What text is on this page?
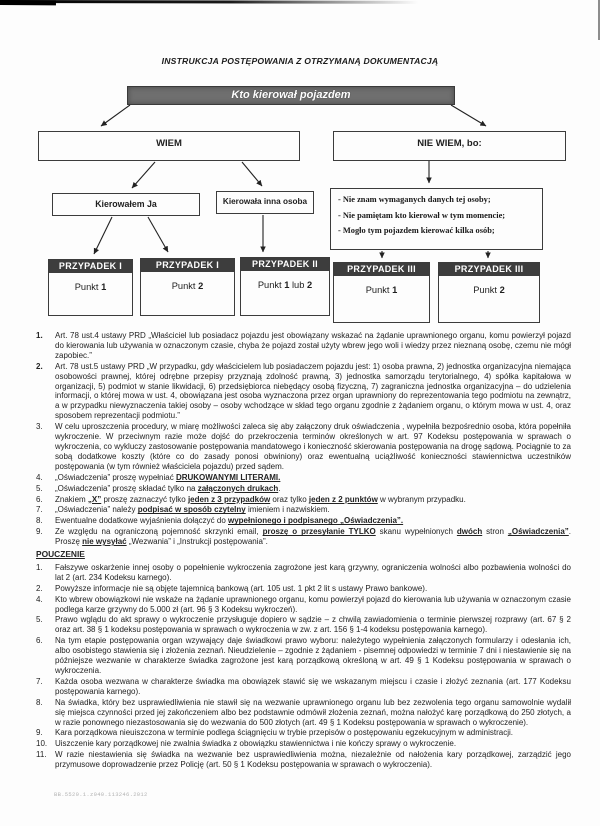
INSTRUKCJA POSTĘPOWANIA Z OTRZYMANĄ DOKUMENTACJĄ
Kto kierował pojazdem
WIEM	NIE WIEM, bo:
Kierowałem Ja	Kierowała inna osoba	- Nie znam wymaganych danych tej osoby;
- Nie pamiętam kto kierował w tym momencie;
- Mogło tym pojazdem kierować kilka osób;
PRZYPADEK I
Punkt 1
PRZYPADEK I
Punkt 2
PRZYPADEK II
Punkt 1 lub 2
PRZYPADEK III
Punkt 1
PRZYPADEK III
Punkt 2
1.	Art. 78 ust.4 ustawy PRD „Właściciel lub posiadacz pojazdu jest obowiązany wskazać na żądanie uprawnionego organu, komu powierzył pojazd do kierowania lub używania w oznaczonym czasie, chyba że pojazd został użyty wbrew jego woli i wiedzy przez nieznaną osobę, czemu nie mógł zapobiec.”
2.	Art. 78 ust.5 ustawy PRD „W przypadku, gdy właścicielem lub posiadaczem pojazdu jest: 1) osoba prawna, 2) jednostka organizacyjna niemająca osobowości prawnej, której odrębne przepisy przyznają zdolność prawną, 3) jednostka samorządu terytorialnego, 4) spółka kapitałowa w organizacji, 5) podmiot w stanie likwidacji, 6) przedsiębiorca niebędący osobą fizyczną, 7) zagraniczna jednostka organizacyjna – do udzielenia informacji, o której mowa w ust. 4, obowiązana jest osoba wyznaczona przez organ uprawniony do reprezentowania tego podmiotu na zewnątrz, a w przypadku niewyznaczenia takiej osoby – osoby wchodzące w skład tego organu zgodnie z żądaniem organu, o którym mowa w ust. 4, oraz sposobem reprezentacji podmiotu.”
3.	W celu uproszczenia procedury, w miarę możliwości zaleca się aby załączony druk oświadczenia , wypełniła bezpośrednio osoba, która popełniła wykroczenie. W przeciwnym razie może dojść do przekroczenia terminów określonych w art. 97 Kodeksu postępowania w sprawach o wykroczenia, co wykluczy zastosowanie postępowania mandatowego i konieczność skierowania postępowania na drogę sądową. Pociągnie to za sobą dodatkowe koszty (które co do zasady ponosi obwiniony) oraz ewentualną uciążliwość konieczności stawiennictwa uczestników postępowania (w tym również właściciela pojazdu) przed sądem.
4.	„Oświadczenia” proszę wypełniać DRUKOWANYMI LITERAMI.
5.	„Oświadczenia” proszę składać tylko na załączonych drukach.
6.	Znakiem „X” proszę zaznaczyć tylko jeden z 3 przypadków oraz tylko jeden z 2 punktów w wybranym przypadku.
7.	„Oświadczenia” należy podpisać w sposób czytelny imieniem i nazwiskiem.
8.	Ewentualne dodatkowe wyjaśnienia dołączyć do wypełnionego i podpisanego „Oświadczenia”.
9.	Ze względu na ograniczoną pojemność skrzynki email, proszę o przesyłanie TYLKO skanu wypełnionych dwóch stron „Oświadczenia”. Proszę nie wysyłać „Wezwania” i „Instrukcji postępowania”.
POUCZENIE
1.	Fałszywe oskarżenie innej osoby o popełnienie wykroczenia zagrożone jest karą grzywny, ograniczenia wolności albo pozbawienia wolności do lat 2 (art. 234 Kodeksu karnego).
2.	Powyższe informacje nie są objęte tajemnicą bankową (art. 105 ust. 1 pkt 2 lit s ustawy Prawo bankowe).
4.	Kto wbrew obowiązkowi nie wskaże na żądanie uprawnionego organu, komu powierzył pojazd do kierowania lub używania w oznaczonym czasie podlega karze grzywny do 5.000 zł (art. 96 § 3 Kodeksu wykroczeń).
5.	Prawo wglądu do akt sprawy o wykroczenie przysługuje dopiero w sądzie – z chwilą zawiadomienia o terminie pierwszej rozprawy (art. 67 § 2 oraz art. 38 § 1 kodeksu postępowania w sprawach o wykroczenia w zw. z art. 156 § 1-4 kodeksu postępowania karnego).
6.	Na tym etapie postępowania organ wzywający daje świadkowi prawo wyboru: należytego wypełnienia załączonych formularzy i odesłania ich, albo osobistego stawienia się i złożenia zeznań. Nieudzielenie – zgodnie z żądaniem - pisemnej odpowiedzi w terminie 7 dni i niestawienie się na późniejsze wezwanie w charakterze świadka zagrożone jest karą porządkową określoną w art. 49 § 1 Kodeksu postępowania w sprawach o wykroczenia.
7.	Każda osoba wezwana w charakterze świadka ma obowiązek stawić się we wskazanym miejscu i czasie i złożyć zeznania (art. 177 Kodeksu postępowania karnego).
8.	Na świadka, który bez usprawiedliwienia nie stawił się na wezwanie uprawnionego organu lub bez zezwolenia tego organu samowolnie wydalił się miejsca czynności przed jej zakończeniem albo bez podstawnie odmówił złożenia zeznań, można nałożyć karę porządkową do 250 złotych, a w razie ponownego niezastosowania się do wezwania do 500 złotych (art. 49 § 1 Kodeksu postępowania w sprawach o wykroczenie).
9.	Kara porządkowa nieuiszczona w terminie podlega ściągnięciu w trybie przepisów o postępowaniu egzekucyjnym w administracji.
10. Uiszczenie kary porządkowej nie zwalnia świadka z obowiązku stawiennictwa i nie kończy sprawy o wykroczenie.
11.	W razie niestawienia się świadka na wezwanie bez usprawiedliwienia można, niezależnie od nałożenia kary porządkowej, zarządzić jego przymusowe doprowadzenie przez Policję (art. 50 § 1 Kodeksu postępowania w sprawach o wykroczenia).
BB.5520.1.z040.113246.2012
